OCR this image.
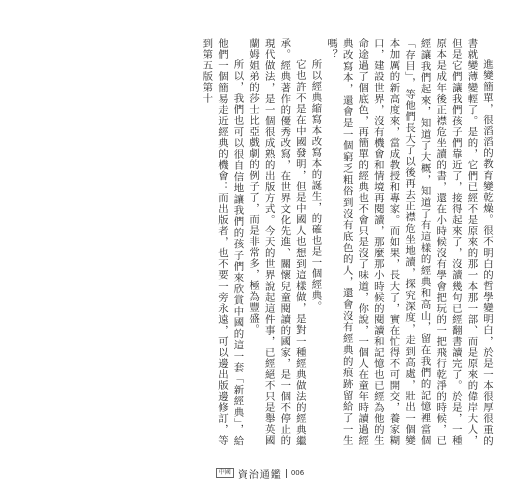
進變簡單，很滔滔的教育變乾燥。很不明白的哲學變明白，於是一本很厚很重的書就變薄變輕了。是的，它們已經不是原來的那一本那一部、而是原來的偉岸大人，但是它們讓我們孩子們靠近了，接得起來了，沒讀幾句已經翻書讀完了。於是，一種原本是成年後正襟危坐讀的書，還在小時候沒有學會把玩的一把飛行乾淨的時候，已經讓我們起來，知道了大概，知道了有這樣的經典和高山，留在我們的記憶裡當個「存目」，等他們長大了以後再去正襟危坐地讀，探究深度，走到高處，壯出一個變本加厲的新高度來，當成教授和專家。而如果，長大了，實在忙得不可開交，養家糊口，建設世界，沒有機會和情境再閱讀，那麼那小時候的閱讀和記憶也已經為他的生命途過了個底色，再簡單的經典也不會只是沒了味道，你說，一個人在童年時讀過經典改寫本，還會是一個窮乏粗俗到沒有底色的人，還會沒有經典的痕跡留給了一生嗎？

所以經典縮寫本改寫本的誕生，的確也是一個經典。

它也許不是在中國發明，但是中國人也想到這樣做，是對一種經典做法的經典繼承。經典著作的優秀改寫，在世界文化先進、關懷兒童閱讀的國家，是一個不停止的現代做法，是一個很成熟的出版方式。今天的世界說起這件事，已經絕不只是舉英國蘭姆姐弟的莎士比亞戲劇的例子了，而是非常多，極為豐盛。

所以，我們也可以很自信地讓我們的孩子們來欣賞中國的這一套「新經典」，給他們一個簡易走近經典的機會：而出版者，也不要一旁永遠，可以邊出版邊修訂，等到第五版第十

中國 資治通鑑 006
